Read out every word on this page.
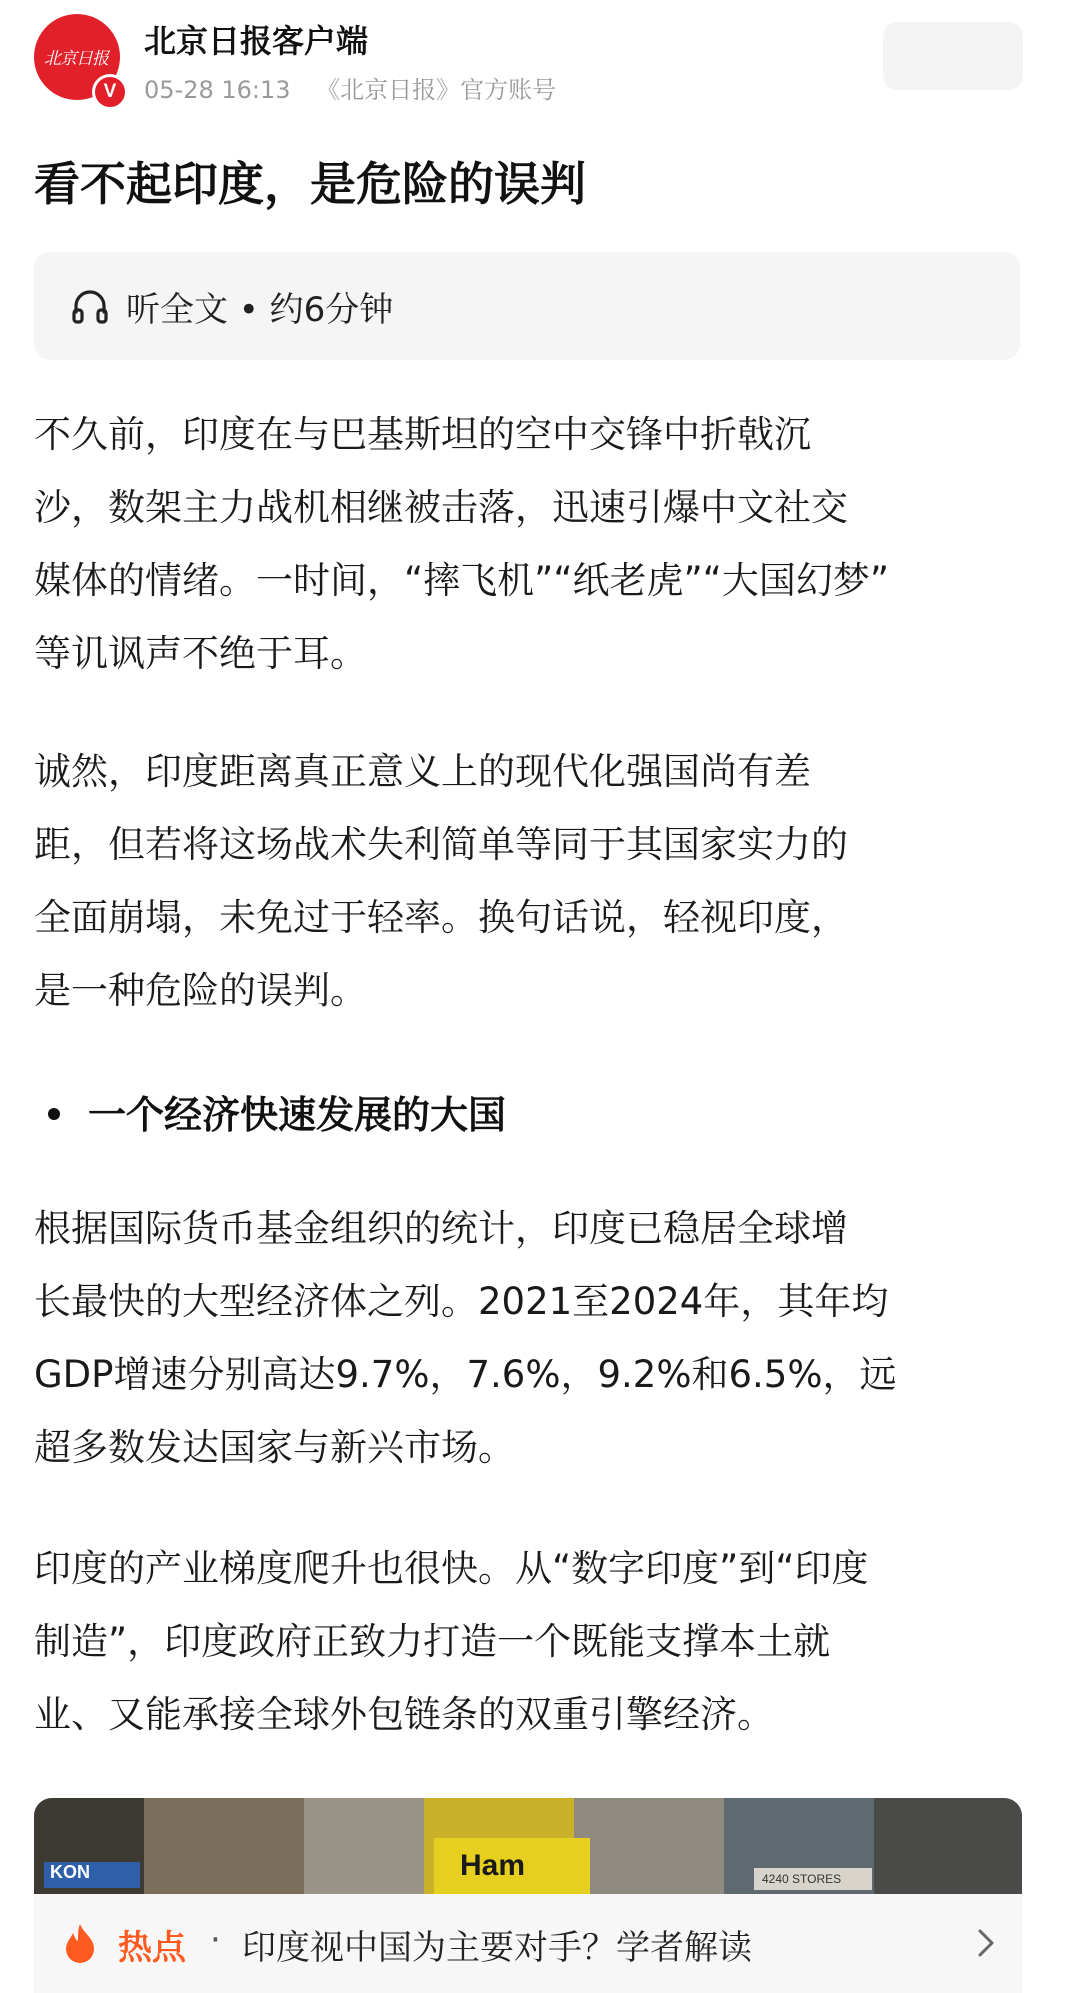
北京日报
V
北京日报客户端
05-28 16:13 《北京日报》官方账号
看不起印度，是危险的误判
听全文 • 约6分钟

不久前，印度在与巴基斯坦的空中交锋中折戟沉
沙，数架主力战机相继被击落，迅速引爆中文社交
媒体的情绪。一时间，“摔飞机”“纸老虎”“大国幻梦”
等讥讽声不绝于耳。

诚然，印度距离真正意义上的现代化强国尚有差
距，但若将这场战术失利简单等同于其国家实力的
全面崩塌，未免过于轻率。换句话说，轻视印度，
是一种危险的误判。

一个经济快速发展的大国

根据国际货币基金组织的统计，印度已稳居全球增
长最快的大型经济体之列。2021至2024年，其年均
GDP增速分别高达9.7%，7.6%，9.2%和6.5%，远
超多数发达国家与新兴市场。

印度的产业梯度爬升也很快。从“数字印度”到“印度
制造”，印度政府正致力打造一个既能支撑本土就
业、又能承接全球外包链条的双重引擎经济。

KON	Ham	4240 STORES
热点 · 印度视中国为主要对手？学者解读
